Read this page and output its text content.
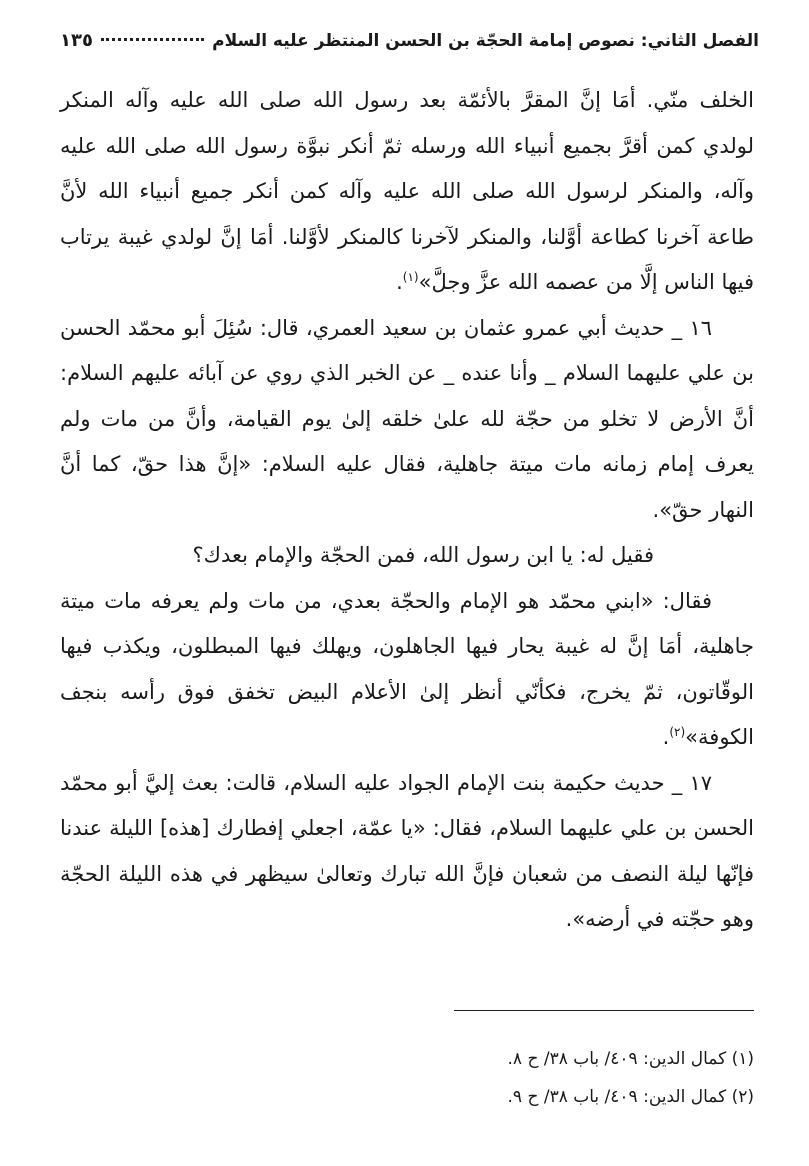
الفصل الثاني: نصوص إمامة الحجّة بن الحسن المنتظر عليه السلام
١٣٥

الخلف منّي. أمَا إنَّ المقرَّ بالأئمّة بعد رسول الله صلى الله عليه وآله المنكر لولدي كمن أقرَّ بجميع أنبياء الله ورسله ثمّ أنكر نبوَّة رسول الله صلى الله عليه وآله، والمنكر لرسول الله صلى الله عليه وآله كمن أنكر جميع أنبياء الله لأنَّ طاعة آخرنا كطاعة أوَّلنا، والمنكر لآخرنا كالمنكر لأوَّلنا. أمَا إنَّ لولدي غيبة يرتاب فيها الناس إلَّا من عصمه الله عزَّ وجلَّ»$^{(١)}$.

١٦ _ حديث أبي عمرو عثمان بن سعيد العمري، قال: سُئِلَ أبو محمّد الحسن بن علي عليهما السلام _ وأنا عنده _ عن الخبر الذي روي عن آبائه عليهم السلام: أنَّ الأرض لا تخلو من حجّة لله علىٰ خلقه إلىٰ يوم القيامة، وأنَّ من مات ولم يعرف إمام زمانه مات ميتة جاهلية، فقال عليه السلام: «إنَّ هذا حقّ، كما أنَّ النهار حقّ».

فقيل له: يا ابن رسول الله، فمن الحجّة والإمام بعدك؟

فقال: «ابني محمّد هو الإمام والحجّة بعدي، من مات ولم يعرفه مات ميتة جاهلية، أمَا إنَّ له غيبة يحار فيها الجاهلون، ويهلك فيها المبطلون، ويكذب فيها الوقّاتون، ثمّ يخرج، فكأنّي أنظر إلىٰ الأعلام البيض تخفق فوق رأسه بنجف الكوفة»$^{(٢)}$.

١٧ _ حديث حكيمة بنت الإمام الجواد عليه السلام، قالت: بعث إليَّ أبو محمّد الحسن بن علي عليهما السلام، فقال: «يا عمّة، اجعلي إفطارك [هذه] الليلة عندنا فإنّها ليلة النصف من شعبان فإنَّ الله تبارك وتعالىٰ سيظهر في هذه الليلة الحجّة وهو حجّته في أرضه».

(١) كمال الدين: ٤٠٩/ باب ٣٨/ ح ٨.
(٢) كمال الدين: ٤٠٩/ باب ٣٨/ ح ٩.
